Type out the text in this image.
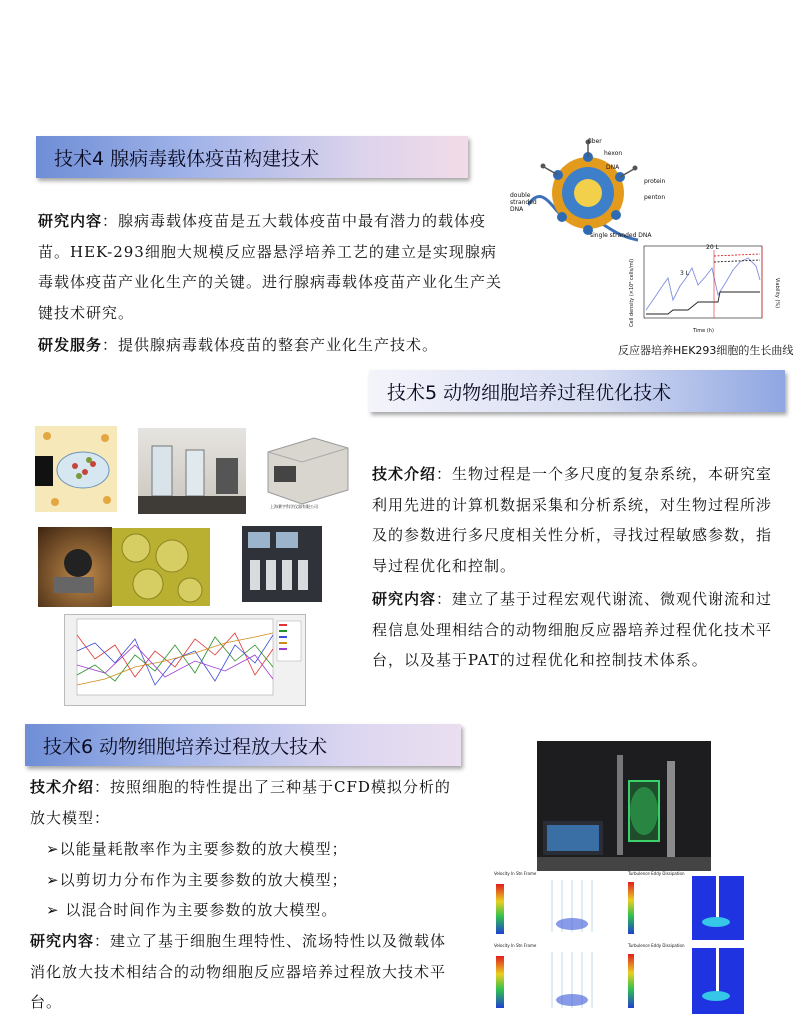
技术4 腺病毒载体疫苗构建技术
研究内容：腺病毒载体疫苗是五大载体疫苗中最有潜力的载体疫苗。HEK-293细胞大规模反应器悬浮培养工艺的建立是实现腺病毒载体疫苗产业化生产的关键。进行腺病毒载体疫苗产业化生产关键技术研究。
研发服务：提供腺病毒载体疫苗的整套产业化生产技术。
fiber
hexon
DNA
protein
penton
double stranded DNA
single stranded DNA
3 L
20 L
Time (h)
Cell density (×10⁶ cells/ml)	Viability (%)
反应器培养HEK293细胞的生长曲线
技术5 动物细胞培养过程优化技术
技术介绍：生物过程是一个多尺度的复杂系统，本研究室利用先进的计算机数据采集和分析系统，对生物过程所涉及的参数进行多尺度相关性分析，寻找过程敏感参数，指导过程优化和控制。
研究内容：建立了基于过程宏观代谢流、微观代谢流和过程信息处理相结合的动物细胞反应器培养过程优化技术平台，以及基于PAT的过程优化和控制技术体系。
上海赛宇科学仪器有限公司
技术6 动物细胞培养过程放大技术
技术介绍：按照细胞的特性提出了三种基于CFD模拟分析的放大模型：
➢以能量耗散率作为主要参数的放大模型；
➢以剪切力分布作为主要参数的放大模型；
➢ 以混合时间作为主要参数的放大模型。
研究内容：建立了基于细胞生理特性、流场特性以及微载体消化放大技术相结合的动物细胞反应器培养过程放大技术平台。
Velocity In Stn Frame	Turbulence Eddy Dissipation
Velocity In Stn Frame	Turbulence Eddy Dissipation
